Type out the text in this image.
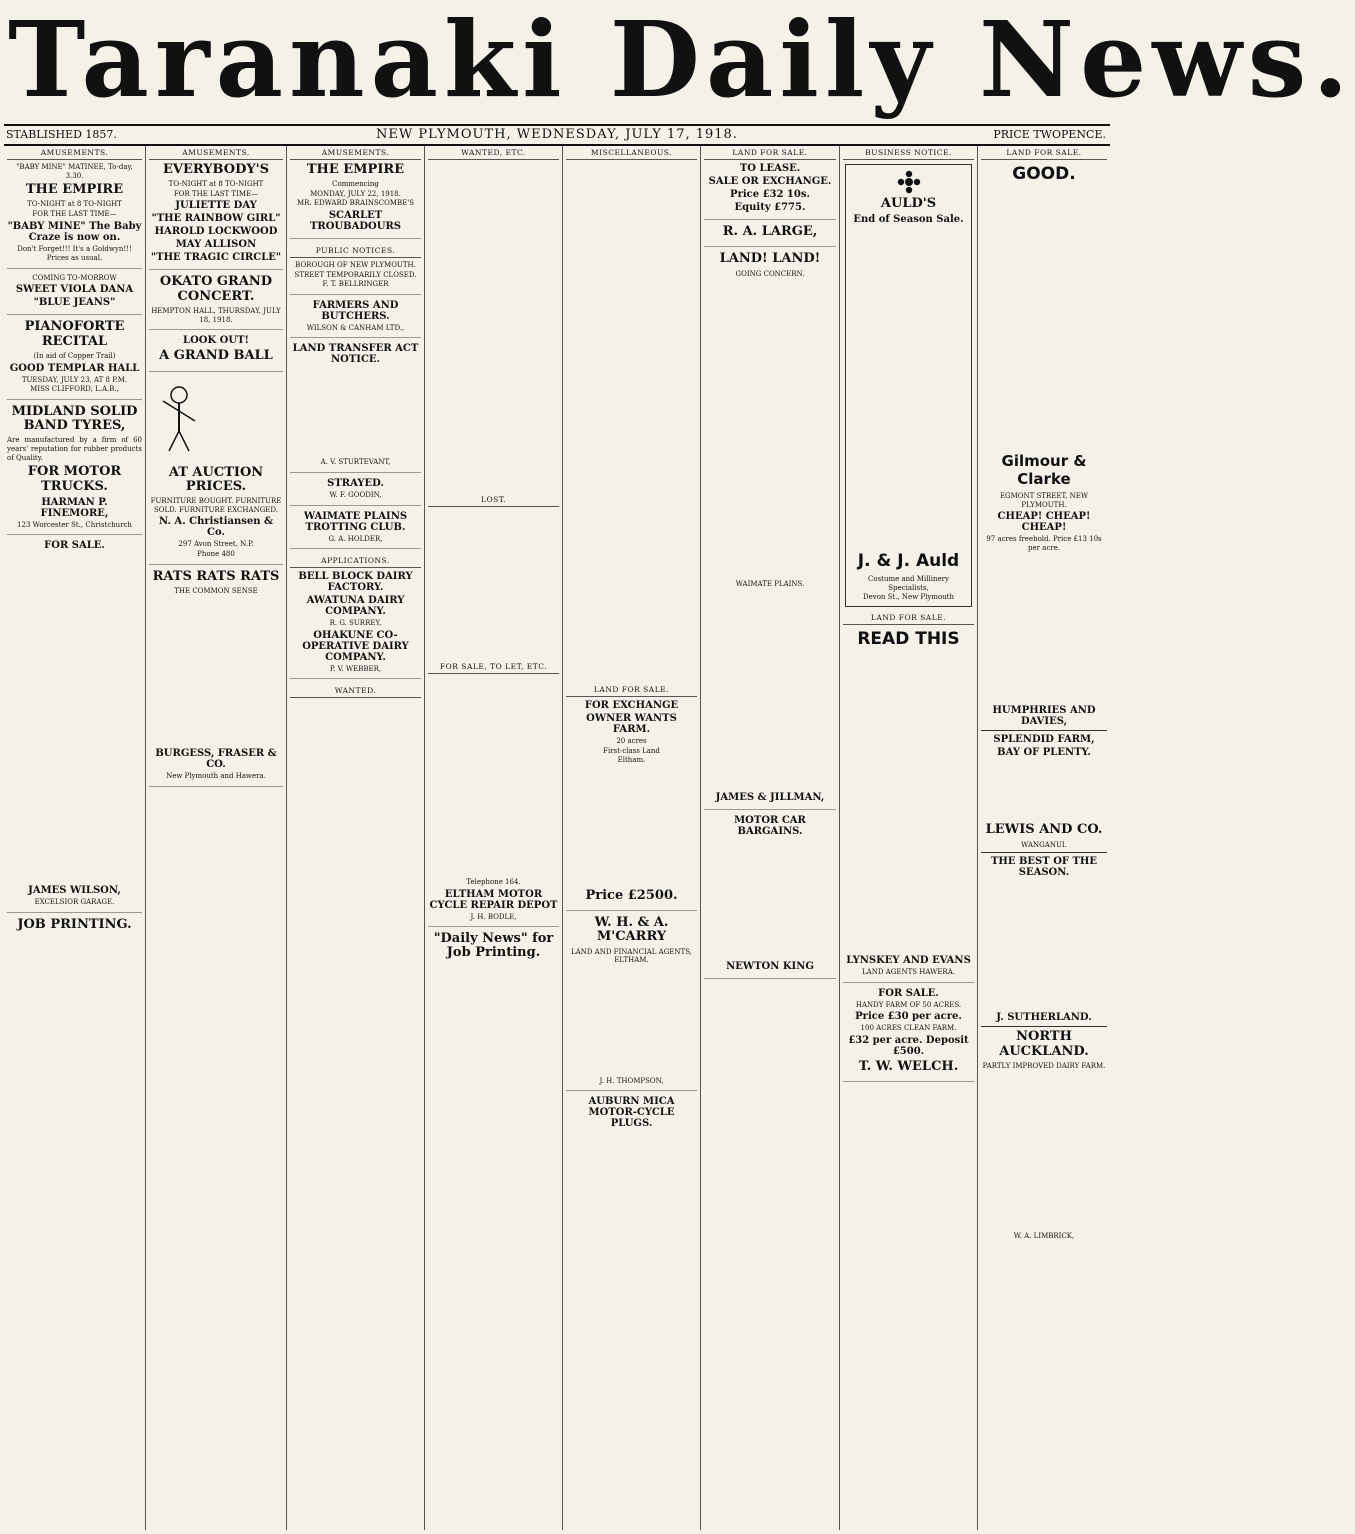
Taranaki Daily News.
STABLISHED 1857.	NEW PLYMOUTH, WEDNESDAY, JULY 17, 1918.	PRICE TWOPENCE.
AMUSEMENTS.
"BABY MINE" MATINEE, To-day, 3.30.
THE EMPIRE
TO-NIGHT at 8 TO-NIGHT
FOR THE LAST TIME—
"BABY MINE" The Baby Craze is now on.
Don't Forget!!! It's a Goldwyn!!!
Prices as usual.
COMING TO-MORROW
SWEET VIOLA DANA
"BLUE JEANS"
PIANOFORTE RECITAL
(In aid of Copper Trail)
GOOD TEMPLAR HALL
TUESDAY, JULY 23, AT 8 P.M.
MISS CLIFFORD, L.A.B.,
MIDLAND SOLID BAND TYRES,
Are manufactured by a firm of 60 years' reputation for rubber products of Quality.
FOR MOTOR TRUCKS.
HARMAN P. FINEMORE,
123 Worcester St., Christchurch
FOR SALE.
JAMES WILSON,
EXCELSIOR GARAGE.
JOB PRINTING.
AMUSEMENTS.
EVERYBODY'S
TO-NIGHT at 8 TO-NIGHT
FOR THE LAST TIME—
JULIETTE DAY
"THE RAINBOW GIRL"
HAROLD LOCKWOOD
MAY ALLISON
"THE TRAGIC CIRCLE"
OKATO GRAND CONCERT.
HEMPTON HALL, THURSDAY, JULY 18, 1918.
LOOK OUT!
A GRAND BALL
AT AUCTION PRICES.
FURNITURE BOUGHT. FURNITURE SOLD. FURNITURE EXCHANGED.
N. A. Christiansen & Co.
297 Avon Street, N.P.
Phone 480
RATS RATS RATS
THE COMMON SENSE
BURGESS, FRASER & CO.
New Plymouth and Hawera.
AMUSEMENTS.
THE EMPIRE
Commencing
MONDAY, JULY 22, 1918.
MR. EDWARD BRAINSCOMBE'S
SCARLET TROUBADOURS
PUBLIC NOTICES.
BOROUGH OF NEW PLYMOUTH.
STREET TEMPORARILY CLOSED.
F. T. BELLRINGER
FARMERS AND BUTCHERS.
WILSON & CANHAM LTD.,
LAND TRANSFER ACT NOTICE.
A. V. STURTEVANT,
STRAYED.
W. F. GOODIN,
WAIMATE PLAINS TROTTING CLUB.
G. A. HOLDER,
APPLICATIONS.
BELL BLOCK DAIRY FACTORY.
AWATUNA DAIRY COMPANY.
R. G. SURREY,
OHAKUNE CO-OPERATIVE DAIRY COMPANY.
P. V. WEBBER,
WANTED.
WANTED, ETC.
LOST.
FOR SALE, TO LET, ETC.
Telephone 164.
ELTHAM MOTOR CYCLE REPAIR DEPOT
J. H. BODLE,
"Daily News" for Job Printing.
MISCELLANEOUS.
LAND FOR SALE.
FOR EXCHANGE
OWNER WANTS FARM.
20 acres
First-class Land
Eltham.
Price £2500.
W. H. & A. M'CARRY
LAND AND FINANCIAL AGENTS, ELTHAM.
J. H. THOMPSON,
AUBURN MICA MOTOR-CYCLE PLUGS.
LAND FOR SALE.
TO LEASE.
SALE OR EXCHANGE.
Price £32 10s.
Equity £775.
R. A. LARGE,
LAND! LAND!
GOING CONCERN.
WAIMATE PLAINS.
JAMES & JILLMAN,
MOTOR CAR BARGAINS.
NEWTON KING
BUSINESS NOTICE.
AULD'S
End of Season Sale.
J. & J. Auld
Costume and Millinery Specialists,
Devon St., New Plymouth
LAND FOR SALE.
READ THIS
LYNSKEY AND EVANS
LAND AGENTS HAWERA.
FOR SALE.
HANDY FARM OF 50 ACRES.
Price £30 per acre.
100 ACRES CLEAN FARM.
£32 per acre. Deposit £500.
T. W. WELCH.
LAND FOR SALE.
GOOD.
Gilmour & Clarke
EGMONT STREET, NEW PLYMOUTH.
CHEAP! CHEAP! CHEAP!
97 acres freehold. Price £13 10s per acre.
HUMPHRIES AND DAVIES,
SPLENDID FARM,
BAY OF PLENTY.
LEWIS AND CO.
WANGANUI.
THE BEST OF THE SEASON.
J. SUTHERLAND.
NORTH AUCKLAND.
PARTLY IMPROVED DAIRY FARM.
W. A. LIMBRICK,
